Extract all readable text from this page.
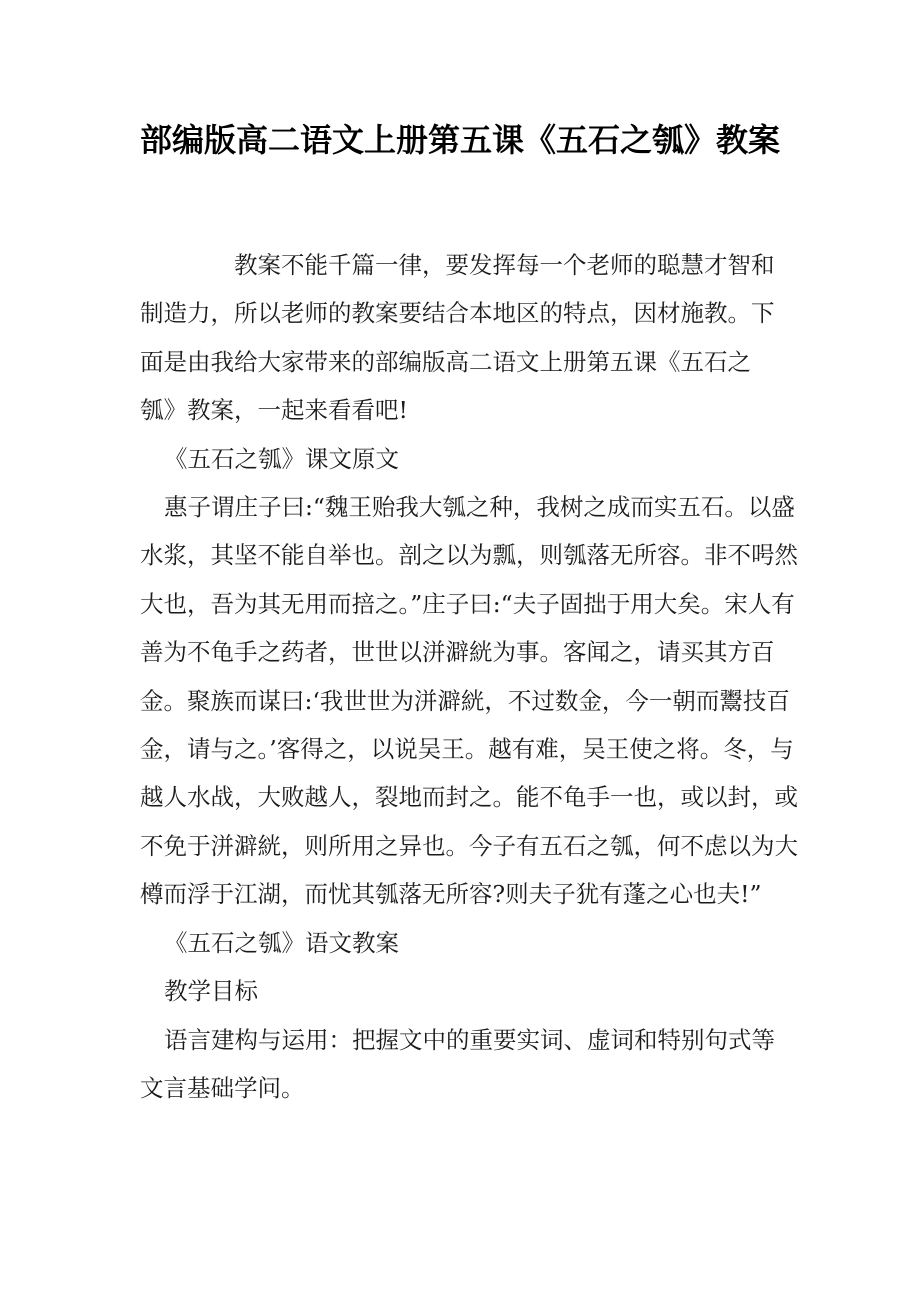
部编版高二语文上册第五课《五石之瓠》教案

教案不能千篇一律，要发挥每一个老师的聪慧才智和制造力，所以老师的教案要结合本地区的特点，因材施教。下面是由我给大家带来的部编版高二语文上册第五课《五石之瓠》教案，一起来看看吧!

《五石之瓠》课文原文

惠子谓庄子曰:“魏王贻我大瓠之种，我树之成而实五石。以盛水浆，其坚不能自举也。剖之以为瓢，则瓠落无所容。非不呺然大也，吾为其无用而掊之。”庄子曰:“夫子固拙于用大矣。宋人有善为不龟手之药者，世世以洴澼絖为事。客闻之，请买其方百金。聚族而谋曰:‘我世世为洴澼絖，不过数金，今一朝而鬻技百金，请与之。’客得之，以说吴王。越有难，吴王使之将。冬，与越人水战，大败越人，裂地而封之。能不龟手一也，或以封，或不免于洴澼絖，则所用之异也。今子有五石之瓠，何不虑以为大樽而浮于江湖，而忧其瓠落无所容?则夫子犹有蓬之心也夫!”

《五石之瓠》语文教案

教学目标

语言建构与运用：把握文中的重要实词、虚词和特别句式等文言基础学问。
